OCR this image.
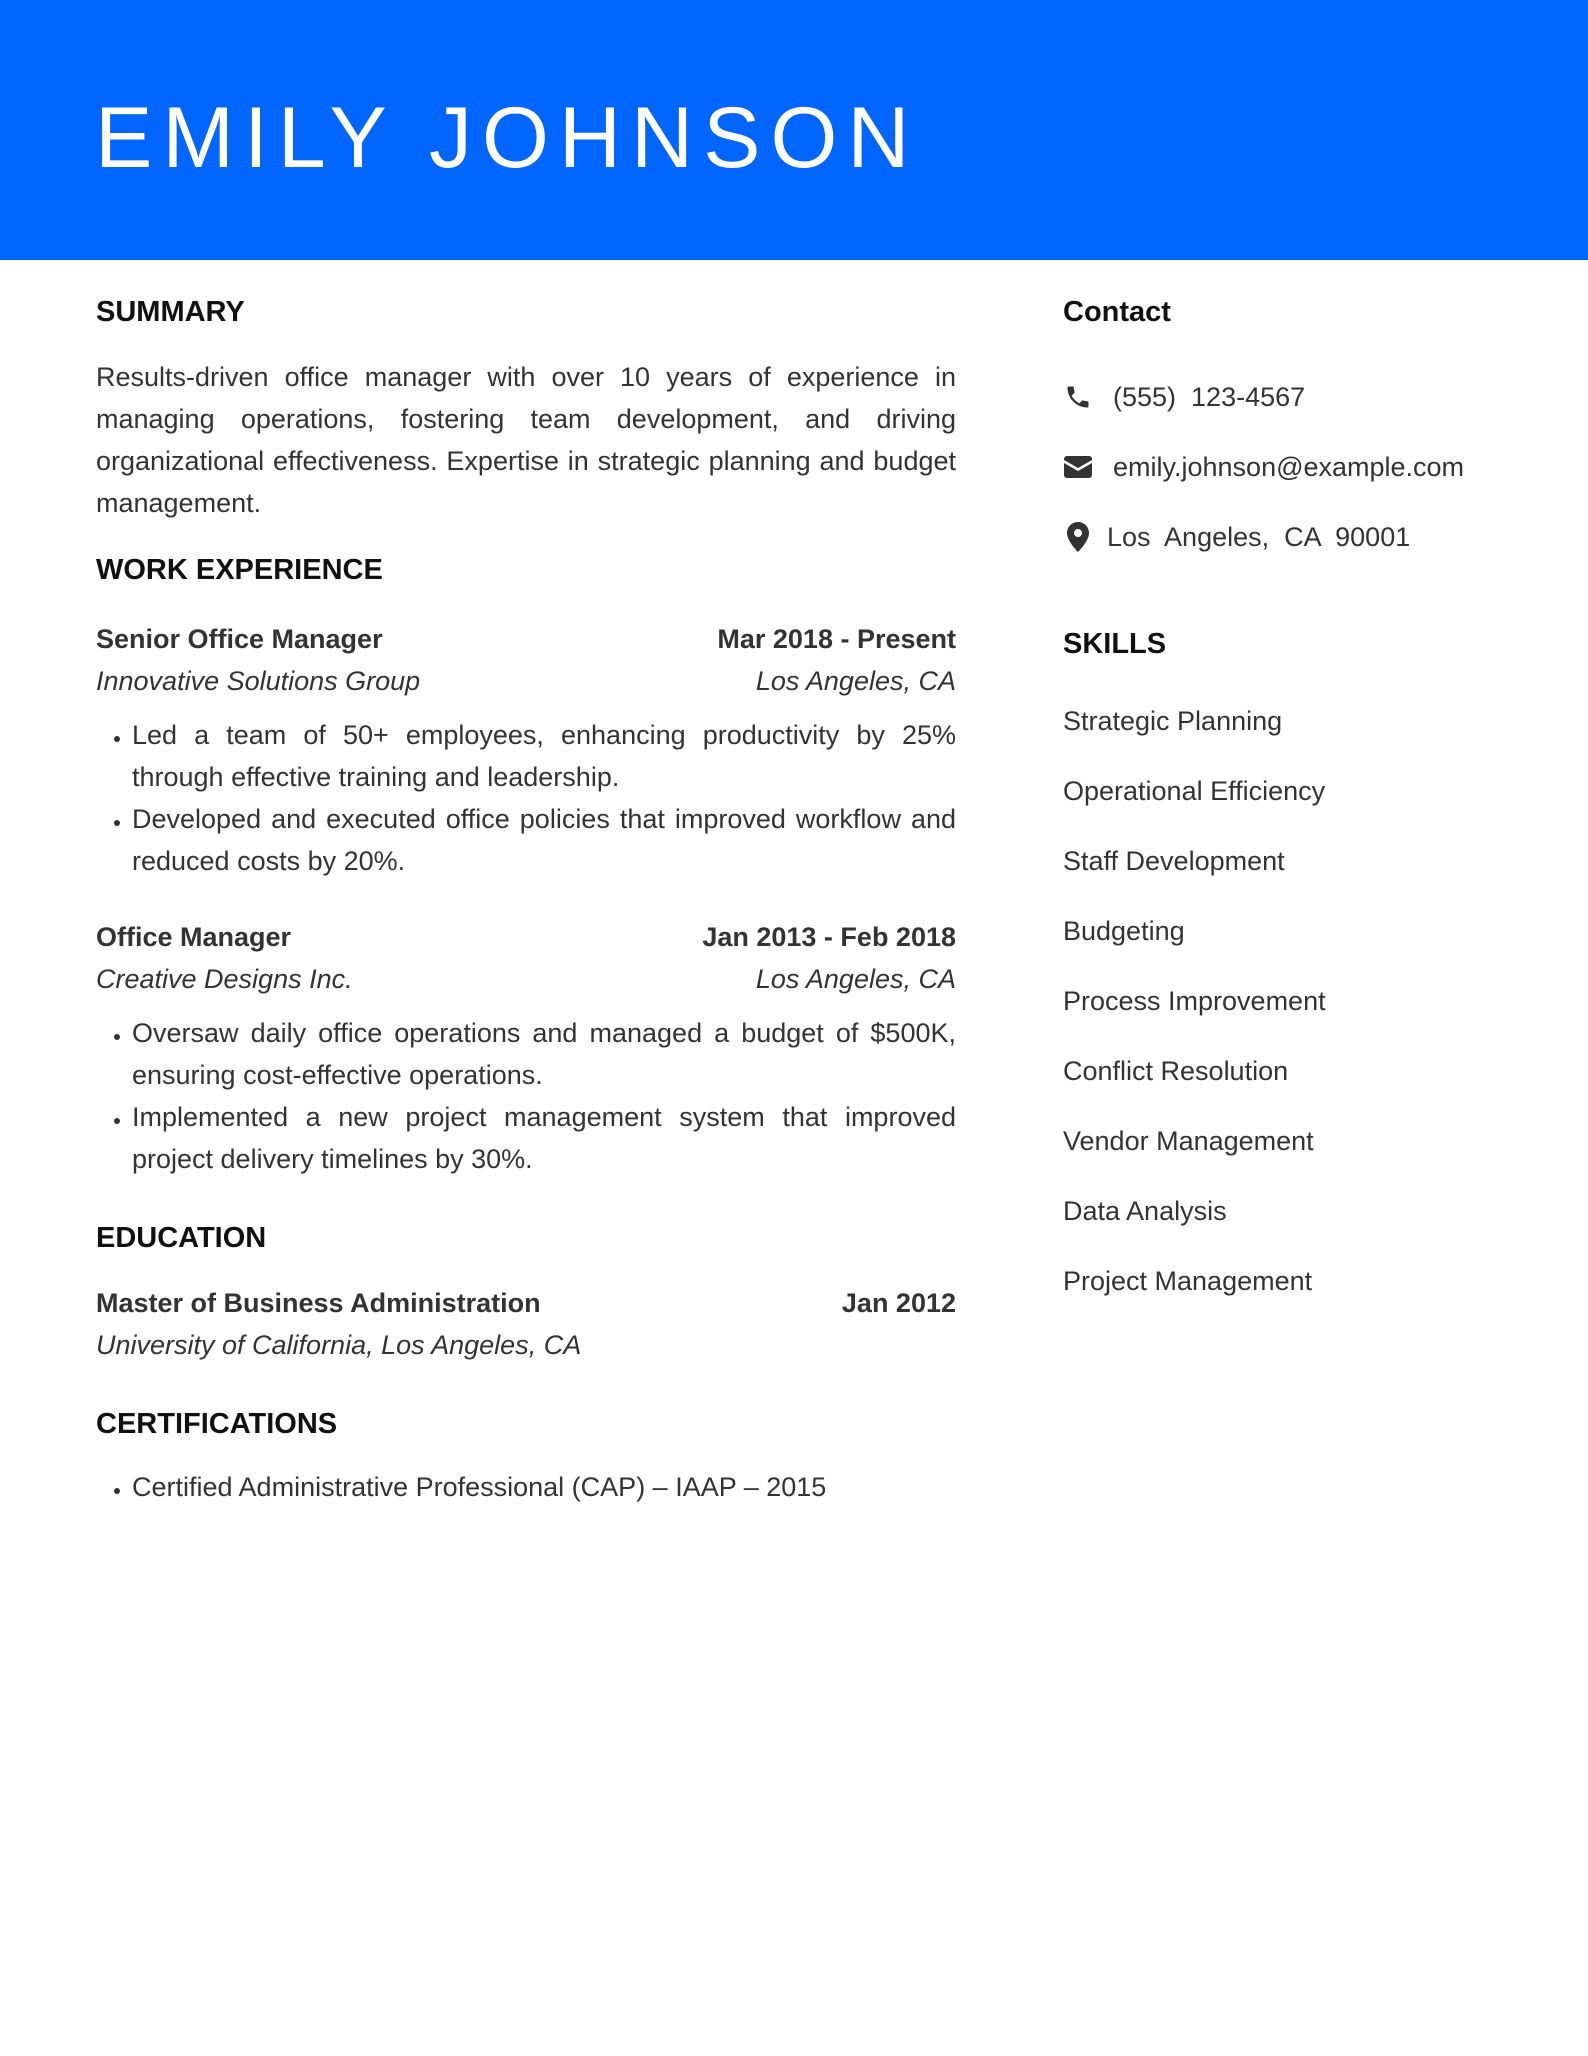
EMILY JOHNSON
SUMMARY

Results-driven office manager with over 10 years of experience in managing operations, fostering team development, and driving organizational effectiveness. Expertise in strategic planning and budget management.

WORK EXPERIENCE
Senior Office Manager	Mar 2018 - Present
Innovative Solutions Group	Los Angeles, CA
• Led a team of 50+ employees, enhancing productivity by 25% through effective training and leadership.
• Developed and executed office policies that improved workflow and reduced costs by 20%.
Office Manager	Jan 2013 - Feb 2018
Creative Designs Inc.	Los Angeles, CA
• Oversaw daily office operations and managed a budget of $500K, ensuring cost-effective operations.
• Implemented a new project management system that improved project delivery timelines by 30%.
EDUCATION
Master of Business Administration	Jan 2012
University of California, Los Angeles, CA
CERTIFICATIONS
• Certified Administrative Professional (CAP) – IAAP – 2015
Contact
(555)  123-4567
emily.johnson@example.com
Los  Angeles,  CA  90001
SKILLS
Strategic Planning
Operational Efficiency
Staff Development
Budgeting
Process Improvement
Conflict Resolution
Vendor Management
Data Analysis
Project Management
